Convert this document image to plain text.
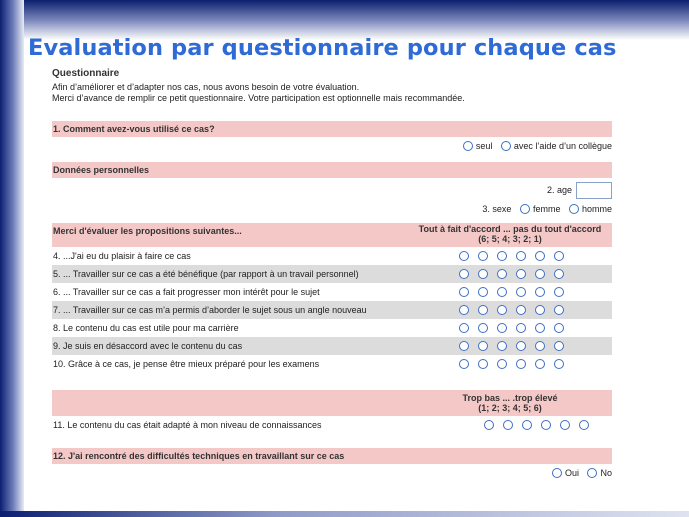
Evaluation par questionnaire pour chaque cas
Questionnaire
Afin d’améliorer et d’adapter nos cas, nous avons besoin de votre évaluation.
Merci d’avance de remplir ce petit questionnaire. Votre participation est optionnelle mais recommandée.
1. Comment avez-vous utilisé ce cas?
seul avec l’aide d’un collègue
Données personnelles
2. age
3. sexe femme homme
Merci d'évaluer les propositions suivantes...	Tout à fait d'accord ... pas du tout d'accord
(6; 5; 4; 3; 2; 1)
4. ...J'ai eu du plaisir à faire ce cas
5. ... Travailler sur ce cas a été bénéfique (par rapport à un travail personnel)
6. ... Travailler sur ce cas a fait progresser mon intérêt pour le sujet
7. ... Travailler sur ce cas m’a permis d’aborder le sujet sous un angle nouveau
8. Le contenu du cas est utile pour ma carrière
9. Je suis en désaccord avec le contenu du cas
10. Grâce à ce cas, je pense être mieux préparé pour les examens
Trop bas ... .trop élevé
(1; 2; 3; 4; 5; 6)
11. Le contenu du cas était adapté à mon niveau de connaissances
12. J'ai rencontré des difficultés techniques en travaillant sur ce cas
Oui No
